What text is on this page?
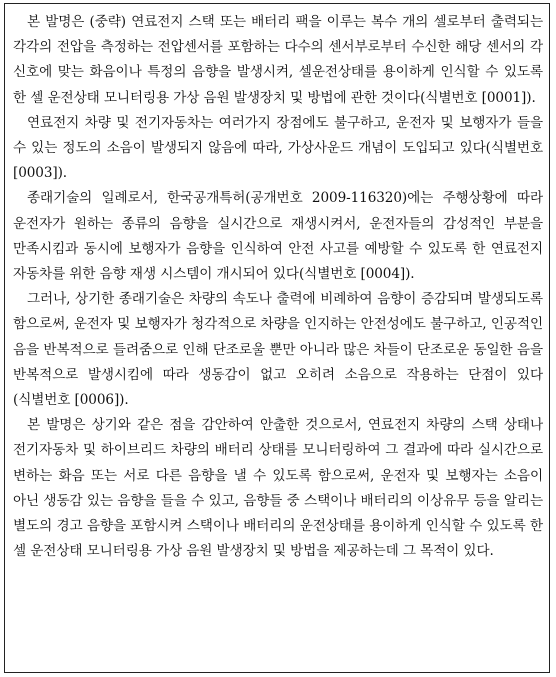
본 발명은 (중략) 연료전지 스택 또는 배터리 팩을 이루는 복수 개의 셀로부터 출력되는 각각의 전압을 측정하는 전압센서를 포함하는 다수의 센서부로부터 수신한 해당 센서의 각 신호에 맞는 화음이나 특정의 음향을 발생시켜, 셀운전상태를 용이하게 인식할 수 있도록 한 셀 운전상태 모니터링용 가상 음원 발생장치 및 방법에 관한 것이다(식별번호 [0001]).

연료전지 차량 및 전기자동차는 여러가지 장점에도 불구하고, 운전자 및 보행자가 들을 수 있는 정도의 소음이 발생되지 않음에 따라, 가상사운드 개념이 도입되고 있다(식별번호 [0003]).

종래기술의 일례로서, 한국공개특허(공개번호 2009-116320)에는 주행상황에 따라 운전자가 원하는 종류의 음향을 실시간으로 재생시켜서, 운전자들의 감성적인 부분을 만족시킴과 동시에 보행자가 음향을 인식하여 안전 사고를 예방할 수 있도록 한 연료전지 자동차를 위한 음향 재생 시스템이 개시되어 있다(식별번호 [0004]).

그러나, 상기한 종래기술은 차량의 속도나 출력에 비례하여 음향이 증감되며 발생되도록 함으로써, 운전자 및 보행자가 청각적으로 차량을 인지하는 안전성에도 불구하고, 인공적인 음을 반복적으로 들려줌으로 인해 단조로울 뿐만 아니라 많은 차들이 단조로운 동일한 음을 반복적으로 발생시킴에 따라 생동감이 없고 오히려 소음으로 작용하는 단점이 있다(식별번호 [0006]).

본 발명은 상기와 같은 점을 감안하여 안출한 것으로서, 연료전지 차량의 스택 상태나 전기자동차 및 하이브리드 차량의 배터리 상태를 모니터링하여 그 결과에 따라 실시간으로 변하는 화음 또는 서로 다른 음향을 낼 수 있도록 함으로써, 운전자 및 보행자는 소음이 아닌 생동감 있는 음향을 들을 수 있고, 음향들 중 스택이나 배터리의 이상유무 등을 알리는 별도의 경고 음향을 포함시켜 스택이나 배터리의 운전상태를 용이하게 인식할 수 있도록 한 셀 운전상태 모니터링용 가상 음원 발생장치 및 방법을 제공하는데 그 목적이 있다.
